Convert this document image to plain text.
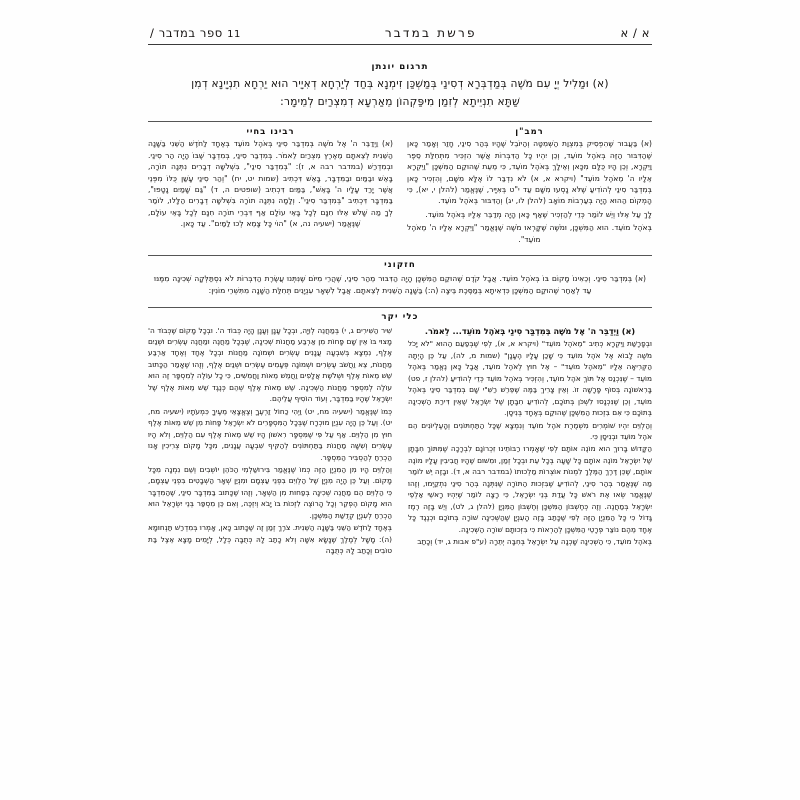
א / א
פרשת במדבר
11 ספר במדבר /
תרגום יונתן
(א) וּמַלִיל יְיָ עִם מֹשֶׁה בְּמַדְבְּרָא דְסִינַי בְּמַשְׁכַּן זִימְנָא בְּחַד לְיַרְחָא דְאִיָיר הוּא יַרְחָא תִנְיָינָא דְמִן שַׁתָּא תִנְיֵיתָא לְזִמַן מִיפַּקְהוֹן מֵאַרְעָא דְמִצְרַיִם לְמֵימָר:
רמב"ן

(א) בַּעֲבוּר שֶׁהִפְסִיק בְּמִצְוַת הַשְּׁמִטָּה וְהַיּוֹבֵל שֶׁהָיוּ בְּהַר סִינַי, חָזַר וְאָמַר כָּאן שֶׁהַדִּבּוּר הַזֶּה בְּאֹהֶל מוֹעֵד, וְכֵן יִהְיוּ כָּל הַדִּבְּרוֹת אֲשֶׁר הִזְכִּיר מִתְּחִלַּת סֵפֶר וַיִּקְרָא, וְכֵן הָיוּ כֻּלָּם מִכָּאן וְאֵילָךְ בְּאֹהֶל מוֹעֵד, כִּי מֵעֵת שֶׁהוּקַם הַמִּשְׁכָּן "וַיִּקְרָא אֵלָיו ה' מֵאֹהֶל מוֹעֵד" (ויקרא א, א) לֹא נִדְבַּר לוֹ אֶלָּא מִשָּׁם, וְהִזְכִּיר כָּאן בְּמִדְבַּר סִינַי לְהוֹדִיעַ שֶׁלֹּא נָסְעוּ מִשָּׁם עַד י"ט בְּאִיָּיר, שֶׁנֶּאֱמַר (להלן י, יא), כִּי הָמְקוֹם הַהוּא הָיָה בְּעַרְבוֹת מוֹאָב (להלן לו, יג) וְהַדִּבּוּר בְּאֹהֶל מוֹעֵד.

לָךְ עַל אֵלּוּ וְיֵשׁ לוֹמַר כְּדֵי לְהַזְכִּיר שֶׁאַף כָּאן הָיָה מְדַבֵּר אֵלָיו בְּאֹהֶל מוֹעֵד.

בְּאֹהֶל מוֹעֵד. הוּא הַמִּשְׁכָּן, וּמֹשֶׁה שֶׁקָּרְאוּ מֹשֶׁה שֶׁנֶּאֱמַר "וַיִּקְרָא אֵלָיו ה' מֵאֹהֶל מוֹעֵד".

רבינו בחיי

(א) וַיְדַבֵּר ה' אֶל מֹשֶׁה בְּמִדְבַּר סִינַי בְּאֹהֶל מוֹעֵד בְּאֶחָד לַחֹדֶשׁ הַשֵּׁנִי בַּשָּׁנָה הַשֵּׁנִית לְצֵאתָם מֵאֶרֶץ מִצְרַיִם לֵאמֹר. בְּמִדְבַּר סִינַי, בְּמִדְבָּר שֶׁבּוֹ הָיָה הַר סִינַי. וּבְמִדְרַשׁ (במדבר רבה א, ז): "בְּמִדְבַּר סִינַי", בִּשְׁלֹשָׁה דְבָרִים נִתְּנָה תוֹרָה, בָּאֵשׁ וּבַמַּיִם וּבַמִּדְבָּר, בָּאֵשׁ דִּכְתִיב (שמות יט, יח) "וְהַר סִינַי עָשַׁן כֻּלּוֹ מִפְּנֵי אֲשֶׁר יָרַד עָלָיו ה' בָּאֵשׁ", בַּמַּיִם דִּכְתִיב (שופטים ה, ד) "גַּם שָׁמַיִם נָטָפוּ", בַּמִּדְבָּר דִּכְתִיב "בְּמִדְבַּר סִינַי". וְלָמָה נִתְּנָה תוֹרָה בִּשְׁלֹשָׁה דְבָרִים הַלָּלוּ, לוֹמַר לְךָ מַה שָּׁלֹשׁ אֵלּוּ חִנָּם לְכָל בָּאֵי עוֹלָם אַף דִּבְרֵי תוֹרָה חִנָּם לְכָל בָּאֵי עוֹלָם, שֶׁנֶּאֱמַר (ישעיה נה, א) "הוֹי כָּל צָמֵא לְכוּ לַמַּיִם". עַד כָּאן.

חזקוני
(א) בְּמִדְבַּר סִינַי. וְכֵאִינוֹ מָקוֹם בּוֹ בְּאֹהֶל מוֹעֵד. אֲבָל קֹדֶם שֶׁהוּקַם הַמִּשְׁכָּן הָיָה הַדִּבּוּר מֵהַר סִינַי, שֶׁהֲרֵי מִיּוֹם שֶׁנִּתְּנוּ עֲשֶׂרֶת הַדִּבְּרוֹת לֹא נִסְתַּלְּקָה שְׁכִינָה מִמֶּנּוּ עַד לְאַחַר שֶׁהוּקַם הַמִּשְׁכָּן כִּדְאִיתָא בְּמַסֶּכֶת בֵּיצָה (ה:) בַּשָּׁנָה הַשֵּׁנִית לְצֵאתָם. אֲבָל לִשְׁאָר עִנְיָנִים תְּחִלַּת הַשָּׁנָה מִתִּשְׁרֵי מוֹנִין:
כלי יקר

(א) וַיְדַבֵּר ה' אֶל מֹשֶׁה בְּמִדְבַּר סִינַי בְּאֹהֶל מוֹעֵד... לֵאמֹר.

וּבְפָרָשַׁת וַיִּקְרָא כְּתִיב "מֵאֹהֶל מוֹעֵד" (ויקרא א, א), לְפִי שֶׁבְּפַעַם הַהוּא "לֹא יָכֹל מֹשֶׁה לָבוֹא אֶל אֹהֶל מוֹעֵד כִּי שָׁכַן עָלָיו הֶעָנָן" (שמות מ, לה), עַל כֵּן הָיְתָה הַקְּרִיאָה אֵלָיו "מֵאֹהֶל מוֹעֵד" – אֶל חוּץ לְאֹהֶל מוֹעֵד, אֲבָל כָּאן נֶאֱמַר בְּאֹהֶל מוֹעֵד – שֶׁנִּכְנַס אֶל תּוֹךְ אֹהֶל מוֹעֵד, וְהִזְכִּיר בְּאֹהֶל מוֹעֵד כְּדֵי לְהוֹדִיעַ (להלן ז, פט) בָּרִאשׁוֹנָה בְּסוֹף פָּרָשָׁה זוֹ. וְאֵין צָרִיךְ בַּמֶּה שֶׁפֵּרֵשׁ רַשִּׁ"י שָׁם בְּמִדְבַּר סִינַי בְּאֹהֶל מוֹעֵד, וְכֵן שֶׁנִּכְנָסוּ לִשְׁכֹּן בְּתוֹכָם, לְהוֹדִיעַ חִבָּתָן שֶׁל יִשְׂרָאֵל שֶׁאֵין דִּירַת הַשְּׁכִינָה בְּתוֹכָם כִּי אִם בִּזְכוּת הַמִּשְׁכָּן שֶׁהוּקַם בְּאֶחָד בְּנִיסָן.

וְהַלְוִיִּם יִהְיוּ שׁוֹמְרִים מִשְׁמֶרֶת אֹהֶל מוֹעֵד וְנִמְצָא שֶׁכָּל הַתַּחְתּוֹנִים וְהָעֶלְיוֹנִים הֵם אֹהֶל מוֹעֵד וּבְנִיסָן כִּי.

הַקָּדוֹשׁ בָּרוּךְ הוּא מוֹנֶה אוֹתָם לְפִי שֶׁאָמְרוּ רַבּוֹתֵינוּ זִכְרוֹנָם לִבְרָכָה שֶׁמִּתּוֹךְ חִבָּתָן שֶׁל יִשְׂרָאֵל מוֹנֶה אוֹתָם כָּל שָׁעָה בְּכָל עֵת וּבְכָל זְמַן, וּמִשּׁוּם שֶׁהָיוּ חֲבִיבִין עָלָיו מוֹנֶה אוֹתָם, שֶׁכֵּן דֶּרֶךְ הַמֶּלֶךְ לִמְנוֹת אוֹצְרוֹת מַלְכוּתוֹ (במדבר רבה א, ד). וּבָזֶה יֵשׁ לוֹמַר מַה שֶׁנֶּאֱמַר בְּהַר סִינַי, לְהוֹדִיעַ שֶׁבִּזְכוּת הַתּוֹרָה שֶׁנִּתְּנָה בְּהַר סִינַי נִתְקַיְּמוּ, וְזֶהוּ שֶׁנֶּאֱמַר שְׂאוּ אֶת רֹאשׁ כָּל עֲדַת בְּנֵי יִשְׂרָאֵל, כִּי רָצָה לוֹמַר שֶׁיִּהְיוּ רָאשֵׁי אַלְפֵי יִשְׂרָאֵל בְּמַחֲנֶה. וְזֶה כְּחֶשְׁבּוֹן הַמִּשְׁכָּן וְחֶשְׁבּוֹן הַמִּנְיָן (להלן ג, לט), וְיֵשׁ בָּזֶה רֶמֶז גָּדוֹל כִּי כָּל הַמִּנְיָן הַזֶּה לְפִי שֶׁכָּתַב בָּזֶה הָעִנְיָן שֶׁהַשְּׁכִינָה שׁוֹרָה בְּתוֹכָם וּכְנֶגֶד כָּל אֶחָד מֵהֶם נוֹצַר פְּרָטֵי הַמִּשְׁכָּן לְהַרְאוֹת כִּי בִּזְכוּתָם שׁוֹרָה הַשְּׁכִינָה.

בְּאֹהֶל מוֹעֵד, כִּי הַשְּׁכִינָה שָׁכְנָה עַל יִשְׂרָאֵל בְּחִבָּה יְתֵרָה (ע"פ אבות ג, יד) וְכָתַב

שִׁיר הַשִּׁירִים ג, י) בְּמַחֲנֵה לְוִיָּה, וּבְכָל עָנָן וְעָנָן הָיָה כְּבוֹד ה'. וּבְכָל מָקוֹם שֶׁכְּבוֹד ה' מָצוּי בּוֹ אֵין שָׁם פָּחוֹת מִן אַרְבַּע מַחֲנוֹת שְׁכִינָה, שֶׁבְּכָל מַחֲנֶה וּמַחֲנֶה עֶשְׂרִים וּשְׁנַיִם אֶלֶף, נִמְצָא בְּשִׁבְעָה עֲנָנִים עֶשְׂרִים וּשְׁמוֹנָה מַחֲנוֹת וּבְכָל אֶחָד וְאֶחָד אַרְבַּע מַחֲנוֹת, צֵא וַחֲשֹׁב עֶשְׂרִים וּשְׁמוֹנָה פְּעָמִים עֶשְׂרִים וּשְׁנַיִם אֶלֶף, וְזֶהוּ שֶׁאָמַר הַכָּתוּב שֵׁשׁ מֵאוֹת אֶלֶף וּשְׁלֹשֶׁת אֲלָפִים וַחֲמֵשׁ מֵאוֹת וַחֲמִשִּׁים, כִּי כָל עוֹלֶה לְמִסְפָּר זֶה הוּא עוֹלֶה לְמִסְפַּר מַחֲנוֹת הַשְּׁכִינָה. שֵׁשׁ מֵאוֹת אֶלֶף שְׁהֵם כְּנֶגֶד שֵׁשׁ מֵאוֹת אֶלֶף שֶׁל יִשְׂרָאֵל שֶׁהָיוּ בַּמִּדְבָּר, וְעוֹד הוֹסִיף עֲלֵיהֶם.

כְּמוֹ שֶׁנֶּאֱמַר (ישעיה מח, יט) וַיְהִי כַחוֹל זַרְעֶךָ וְצֶאֱצָאֵי מֵעֶיךָ כִּמְעֹתָיו (ישעיה מח, יט). וְעַל כֵּן הָיָה עִנְיַן מוּכְרָח שֶׁבְּכָל הַמִּסְפָּרִים לֹא יִשְׂרָאֵל פָּחוֹת מִן שֵׁשׁ מֵאוֹת אֶלֶף חוּץ מִן הַלְוִיִּם. אַף עַל פִּי שֶׁמִּסְפָּר רִאשׁוֹן הָיוּ שֵׁשׁ מֵאוֹת אֶלֶף עִם הַלְוִיִּם, וְלֹא הָיוּ עֶשְׂרִים וְשִׁשָּׁה מַחֲנוֹת בַּתַּחְתּוֹנִים לְהַקִּיף שִׁבְעָה עֲנָנִים, מִכָּל מָקוֹם צְרִיכִין אָנוּ הַכְרֵחַ לְהַסְבִּיר הַמִּסְפָּר.

וְהַלְוִיִּם הָיוּ מִן הַמִּנְיָן הַזֶּה כְּמוֹ שֶׁנֶּאֱמַר בִּירוּשַׁלְמִי הַכֹּהֵן יוֹשְׁבִים וְשֵׁם נִמְנָה מִכָּל מָקוֹם. וְעַל כֵּן הָיָה מִנְיָן שֶׁל הַלְוִיִּם בִּפְנֵי עַצְמָם וּמִנְיַן שְׁאָר הַשְּׁבָטִים בִּפְנֵי עַצְמָם, כִּי הַלְוִיִּם הֵם מַחֲנֵה שְׁכִינָה בְּפַחוּת מִן הַשְּׁאָר, וְזֶהוּ שֶׁכָּתוּב בַּמִּדְבָּר סִינַי, שֶׁהַמִּדְבָּר הוּא מָקוֹם הֶפְקֵר וְכָל הָרוֹצֶה לִזְכּוֹת בּוֹ יָבֹא וְיִזְכֶּה, וְאִם כֵּן מִסְפַּר בְּנֵי יִשְׂרָאֵל הוּא הַכְרֵחַ לְעִנְיָן קְדֻשַּׁת הַמִּשְׁכָּן.

בְּאֶחָד לַחֹדֶשׁ הַשֵּׁנִי בַּשָּׁנָה הַשֵּׁנִית. צֹרֶךְ זְמַן זֶה שֶׁכָּתוּב כָּאן, אָמְרוּ בְּמִדְרַשׁ תַּנְחוּמָא (ה): מָשָׁל לְמֶלֶךְ שֶׁנָּשָׂא אִשָּׁה וְלֹא כָתַב לָהּ כְּתֻבָּה כְּלָל, לְיָמִים מָצָא אֵצֶל בַּת טוֹבִים וְכָתַב לָהּ כְּתֻבָּה
